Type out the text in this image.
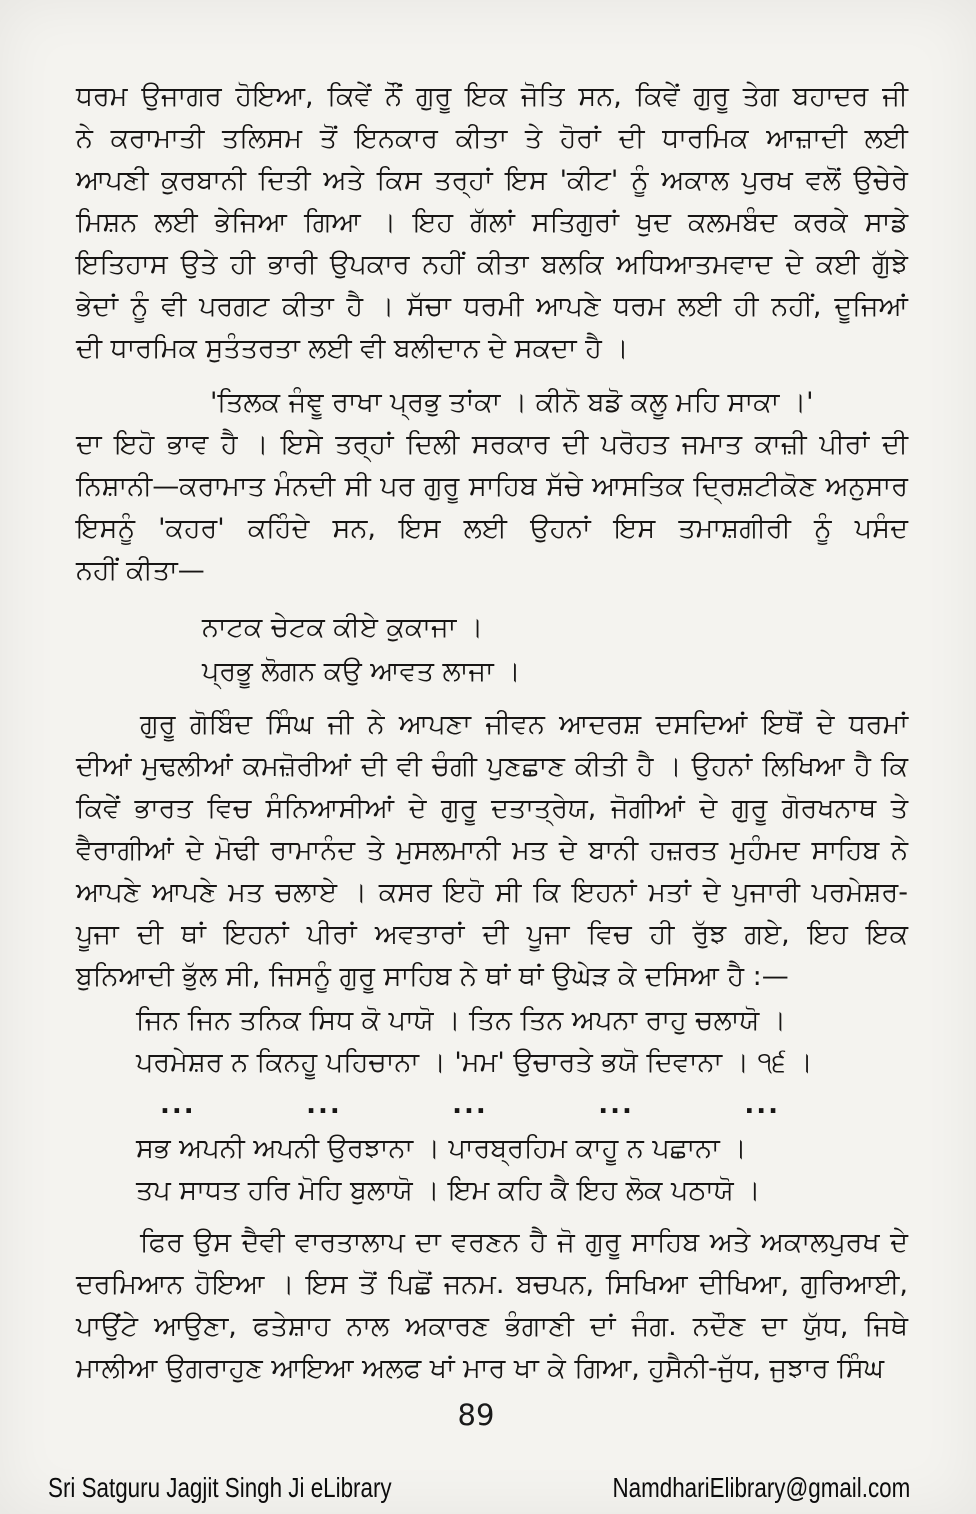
ਧਰਮ ਉਜਾਗਰ ਹੋਇਆ, ਕਿਵੇਂ ਨੌਂ ਗੁਰੂ ਇਕ ਜੋਤਿ ਸਨ, ਕਿਵੇਂ ਗੁਰੂ ਤੇਗ ਬਹਾਦਰ ਜੀ
ਨੇ ਕਰਾਮਾਤੀ ਤਲਿਸਮ ਤੋਂ ਇਨਕਾਰ ਕੀਤਾ ਤੇ ਹੋਰਾਂ ਦੀ ਧਾਰਮਿਕ ਆਜ਼ਾਦੀ ਲਈ
ਆਪਣੀ ਕੁਰਬਾਨੀ ਦਿਤੀ ਅਤੇ ਕਿਸ ਤਰ੍ਹਾਂ ਇਸ 'ਕੀਟ' ਨੂੰ ਅਕਾਲ ਪੁਰਖ ਵਲੋਂ ਉਚੇਰੇ
ਮਿਸ਼ਨ ਲਈ ਭੇਜਿਆ ਗਿਆ । ਇਹ ਗੱਲਾਂ ਸਤਿਗੁਰਾਂ ਖੁਦ ਕਲਮਬੰਦ ਕਰਕੇ ਸਾਡੇ
ਇਤਿਹਾਸ ਉਤੇ ਹੀ ਭਾਰੀ ਉਪਕਾਰ ਨਹੀਂ ਕੀਤਾ ਬਲਕਿ ਅਧਿਆਤਮਵਾਦ ਦੇ ਕਈ ਗੁੱਝੇ
ਭੇਦਾਂ ਨੂੰ ਵੀ ਪਰਗਟ ਕੀਤਾ ਹੈ । ਸੱਚਾ ਧਰਮੀ ਆਪਣੇ ਧਰਮ ਲਈ ਹੀ ਨਹੀਂ, ਦੂਜਿਆਂ
ਦੀ ਧਾਰਮਿਕ ਸੁਤੰਤਰਤਾ ਲਈ ਵੀ ਬਲੀਦਾਨ ਦੇ ਸਕਦਾ ਹੈ ।
'ਤਿਲਕ ਜੰਞੂ ਰਾਖਾ ਪ੍ਰਭੁ ਤਾਂਕਾ । ਕੀਨੋ ਬਡੋ ਕਲੂ ਮਹਿ ਸਾਕਾ ।'
ਦਾ ਇਹੋ ਭਾਵ ਹੈ । ਇਸੇ ਤਰ੍ਹਾਂ ਦਿਲੀ ਸਰਕਾਰ ਦੀ ਪਰੋਹਤ ਜਮਾਤ ਕਾਜ਼ੀ ਪੀਰਾਂ ਦੀ
ਨਿਸ਼ਾਨੀ—ਕਰਾਮਾਤ ਮੰਨਦੀ ਸੀ ਪਰ ਗੁਰੂ ਸਾਹਿਬ ਸੱਚੇ ਆਸਤਿਕ ਦ੍ਰਿਸ਼ਟੀਕੋਣ ਅਨੁਸਾਰ
ਇਸਨੂੰ 'ਕਹਰ' ਕਹਿੰਦੇ ਸਨ, ਇਸ ਲਈ ਉਹਨਾਂ ਇਸ ਤਮਾਸ਼ਗੀਰੀ ਨੂੰ ਪਸੰਦ
ਨਹੀਂ ਕੀਤਾ—
ਨਾਟਕ ਚੇਟਕ ਕੀਏ ਕੁਕਾਜਾ ।
ਪ੍ਰਭੂ ਲੋਗਨ ਕਉ ਆਵਤ ਲਾਜਾ ।
ਗੁਰੂ ਗੋਬਿੰਦ ਸਿੰਘ ਜੀ ਨੇ ਆਪਣਾ ਜੀਵਨ ਆਦਰਸ਼ ਦਸਦਿਆਂ ਇਥੋਂ ਦੇ ਧਰਮਾਂ
ਦੀਆਂ ਮੁਢਲੀਆਂ ਕਮਜ਼ੋਰੀਆਂ ਦੀ ਵੀ ਚੰਗੀ ਪੁਣਛਾਣ ਕੀਤੀ ਹੈ । ਉਹਨਾਂ ਲਿਖਿਆ ਹੈ ਕਿ
ਕਿਵੇਂ ਭਾਰਤ ਵਿਚ ਸੰਨਿਆਸੀਆਂ ਦੇ ਗੁਰੂ ਦਤਾਤ੍ਰੇਯ, ਜੋਗੀਆਂ ਦੇ ਗੁਰੂ ਗੋਰਖਨਾਥ ਤੇ
ਵੈਰਾਗੀਆਂ ਦੇ ਮੋਢੀ ਰਾਮਾਨੰਦ ਤੇ ਮੁਸਲਮਾਨੀ ਮਤ ਦੇ ਬਾਨੀ ਹਜ਼ਰਤ ਮੁਹੰਮਦ ਸਾਹਿਬ ਨੇ
ਆਪਣੇ ਆਪਣੇ ਮਤ ਚਲਾਏ । ਕਸਰ ਇਹੋ ਸੀ ਕਿ ਇਹਨਾਂ ਮਤਾਂ ਦੇ ਪੁਜਾਰੀ ਪਰਮੇਸ਼ਰ-
ਪੂਜਾ ਦੀ ਥਾਂ ਇਹਨਾਂ ਪੀਰਾਂ ਅਵਤਾਰਾਂ ਦੀ ਪੂਜਾ ਵਿਚ ਹੀ ਰੁੱਝ ਗਏ, ਇਹ ਇਕ
ਬੁਨਿਆਦੀ ਭੁੱਲ ਸੀ, ਜਿਸਨੂੰ ਗੁਰੂ ਸਾਹਿਬ ਨੇ ਥਾਂ ਥਾਂ ਉਘੇੜ ਕੇ ਦਸਿਆ ਹੈ :—
ਜਿਨ ਜਿਨ ਤਨਿਕ ਸਿਧ ਕੋ ਪਾਯੋ । ਤਿਨ ਤਿਨ ਅਪਨਾ ਰਾਹੁ ਚਲਾਯੋ ।
ਪਰਮੇਸ਼ਰ ਨ ਕਿਨਹੂ ਪਹਿਚਾਨਾ । 'ਮਮ' ਉਚਾਰਤੇ ਭਯੋ ਦਿਵਾਨਾ । ੧੬ ।
...	...	...	...	...
ਸਭ ਅਪਨੀ ਅਪਨੀ ਉਰਝਾਨਾ । ਪਾਰਬ੍ਰਹਿਮ ਕਾਹੂ ਨ ਪਛਾਨਾ ।
ਤਪ ਸਾਧਤ ਹਰਿ ਮੋਹਿ ਬੁਲਾਯੋ । ਇਮ ਕਹਿ ਕੈ ਇਹ ਲੋਕ ਪਠਾਯੋ ।
ਫਿਰ ਉਸ ਦੈਵੀ ਵਾਰਤਾਲਾਪ ਦਾ ਵਰਣਨ ਹੈ ਜੋ ਗੁਰੂ ਸਾਹਿਬ ਅਤੇ ਅਕਾਲਪੁਰਖ ਦੇ
ਦਰਮਿਆਨ ਹੋਇਆ । ਇਸ ਤੋਂ ਪਿਛੋਂ ਜਨਮ. ਬਚਪਨ, ਸਿਖਿਆ ਦੀਖਿਆ, ਗੁਰਿਆਈ,
ਪਾਉਂਟੇ ਆਉਣਾ, ਫਤੇਸ਼ਾਹ ਨਾਲ ਅਕਾਰਣ ਭੰਗਾਣੀ ਦਾਂ ਜੰਗ. ਨਦੌਣ ਦਾ ਯੁੱਧ, ਜਿਥੇ
ਮਾਲੀਆ ਉਗਰਾਹੁਣ ਆਇਆ ਅਲਫ ਖਾਂ ਮਾਰ ਖਾ ਕੇ ਗਿਆ, ਹੁਸੈਨੀ-ਜੁੱਧ, ਜੁਝਾਰ ਸਿੰਘ
89
Sri Satguru Jagjit Singh Ji eLibrary	NamdhariElibrary@gmail.com
